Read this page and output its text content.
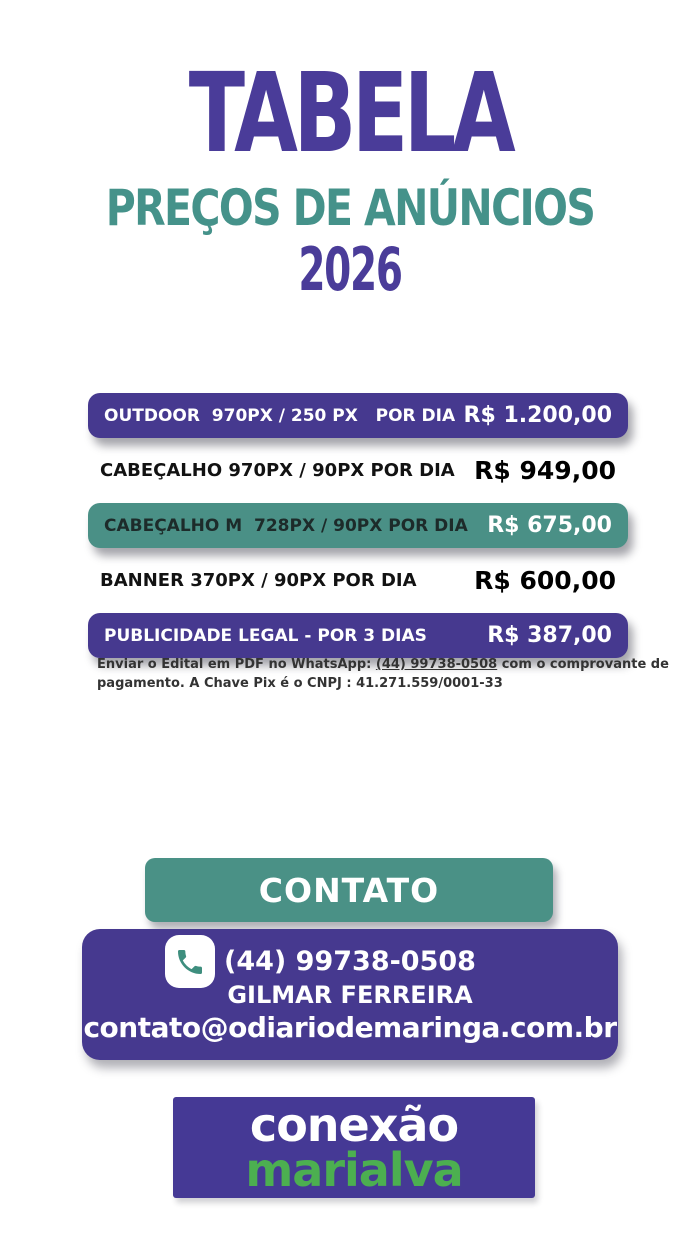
TABELA
PREÇOS DE ANÚNCIOS
2026
OUTDOOR  970PX / 250 PX   POR DIA R$ 1.200,00
CABEÇALHO 970PX / 90PX POR DIA R$ 949,00
CABEÇALHO M  728PX / 90PX POR DIA R$ 675,00
BANNER 370PX / 90PX POR DIA R$ 600,00
PUBLICIDADE LEGAL - POR 3 DIAS	R$ 387,00
Enviar o Edital em PDF no WhatsApp: (44) 99738-0508 com o comprovante de
pagamento. A Chave Pix é o CNPJ : 41.271.559/0001-33
CONTATO
(44) 99738-0508
GILMAR FERREIRA
contato@odiariodemaringa.com.br
conexão
marialva
